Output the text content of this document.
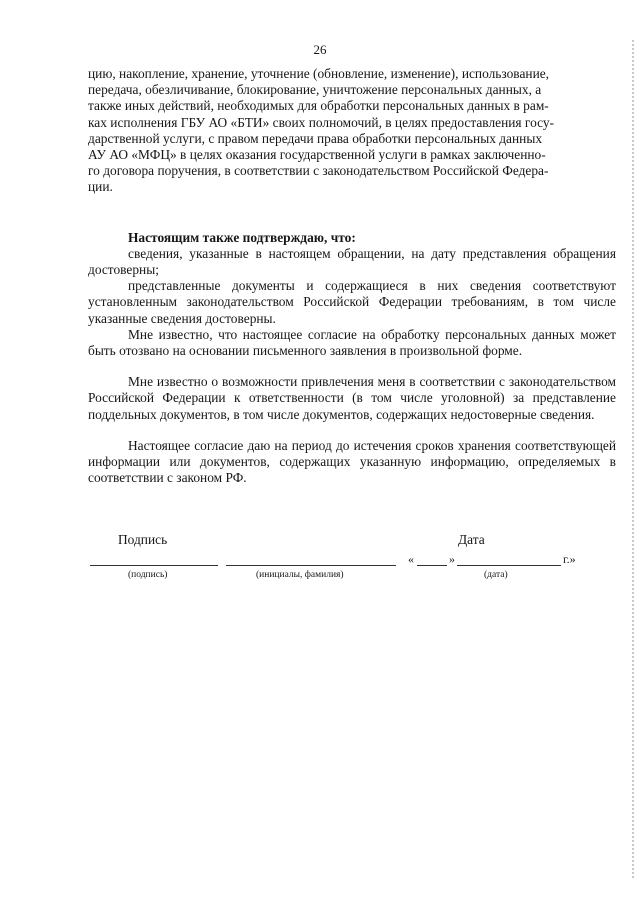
26
цию, накопление, хранение, уточнение (обновление, изменение), использование,
передача, обезличивание, блокирование, уничтожение персональных данных, а
также иных действий, необходимых для обработки персональных данных в рам-
ках исполнения ГБУ АО «БТИ» своих полномочий, в целях предоставления госу-
дарственной услуги, с правом передачи права обработки персональных данных
АУ АО «МФЦ» в целях оказания государственной услуги в рамках заключенно-
го договора поручения, в соответствии с законодательством Российской Федера-
ции.

Настоящим также подтверждаю, что:

сведения, указанные в настоящем обращении, на дату представления обращения достоверны;

представленные документы и содержащиеся в них сведения соответствуют установленным законодательством Российской Федерации требованиям, в том числе указанные сведения достоверны.

Мне известно, что настоящее согласие на обработку персональных данных может быть отозвано на основании письменного заявления в произвольной форме.

Мне известно о возможности привлечения меня в соответствии с законодательством Российской Федерации к ответственности (в том числе уголовной) за представление поддельных документов, в том числе документов, содержащих недостоверные сведения.

Настоящее согласие даю на период до истечения сроков хранения соответствующей информации или документов, содержащих указанную информацию, определяемых в соответствии с законом РФ.

Подпись	Дата
«	»	г.»
(подпись)	(инициалы, фамилия)	(дата)
